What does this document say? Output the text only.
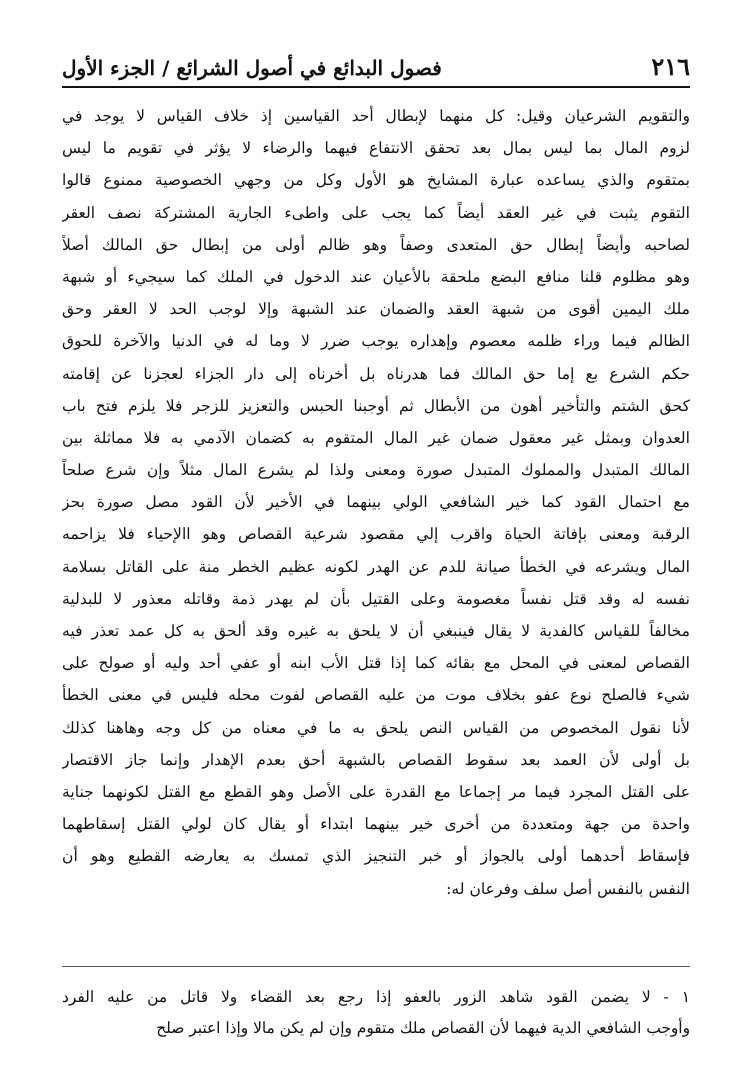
٢١٦
فصول البدائع في أصول الشرائع / الجزء الأول
والتقويم الشرعيان وقيل: كل منهما لإبطال أحد القياسين إذ خلاف القياس لا يوجد في
لزوم المال بما ليس بمال بعد تحقق الانتفاع فيهما والرضاء لا يؤثر في تقويم ما ليس
بمتقوم والذي يساعده عبارة المشايخ هو الأول وكل من وجهي الخصوصية ممنوع قالوا
التقوم يثبت في غير العقد أيضاً كما يجب على واطىء الجارية المشتركة نصف العقر
لصاحبه وأيضاً إبطال حق المتعدى وصفاً وهو ظالم أولى من إبطال حق المالك أصلاً
وهو مظلوم قلنا منافع البضع ملحقة بالأعيان عند الدخول في الملك كما سيجيء أو شبهة
ملك اليمين أقوى من شبهة العقد والضمان عند الشبهة وإلا لوجب الحد لا العقر وحق
الظالم فيما وراء ظلمه معصوم وإهداره يوجب ضرر لا وما له في الدنيا والآخرة للحوق
حكم الشرع بع إما حق المالك فما هدرناه بل أخرناه إلى دار الجزاء لعجزنا عن إقامته
كحق الشتم والتأخير أهون من الأبطال ثم أوجبنا الحبس والتعزيز للزجر فلا يلزم فتح باب
العدوان وبمثل غير معقول ضمان غير المال المتقوم به كضمان الآدمي به فلا مماثلة بين
المالك المتبدل والمملوك المتبدل صورة ومعنى ولذا لم يشرع المال مثلاً وإن شرع صلحاً
مع احتمال القود كما خير الشافعي الولي بينهما في الأخير لأن القود مصل صورة بحز
الرقبة ومعنى بإفاتة الحياة واقرب إلي مقصود شرعية القصاص وهو االإحياء فلا يزاحمه
المال ويشرعه في الخطأ صيانة للدم عن الهدر لكونه عظيم الخطر منة على القاتل بسلامة
نفسه له وقد قتل نفساً مغصومة وعلى القتيل بأن لم يهدر ذمة وقاتله معذور لا للبدلية
مخالفاً للقياس كالفدية لا يقال فينبغي أن لا يلحق به غيره وقد ألحق به كل عمد تعذر فيه
القصاص لمعنى في المحل مع بقائه كما إذا قتل الأب ابنه أو عفي أحد وليه أو صولح على
شيء فالصلح نوع عفو بخلاف موت من عليه القصاص لفوت محله فليس في معنى الخطأ
لأنا نقول المخصوص من القياس النص يلحق به ما في معناه من كل وجه وهاهنا كذلك
بل أولى لأن العمد بعد سقوط القصاص بالشبهة أحق بعدم الإهدار وإنما جاز الاقتصار
على القتل المجرد فيما مر إجماعا مع القدرة على الأصل وهو القطع مع القتل لكونهما جناية
واحدة من جهة ومتعددة من أخرى خير بينهما ابتداء أو يقال كان لولي القتل إسقاطهما
فإسقاط أحدهما أولى بالجواز أو خبر التنجيز الذي تمسك به يعارضه القطيع وهو أن
النفس بالنفس أصل سلف وفرعان له:
١ - لا يضمن القود شاهد الزور بالعفو إذا رجع بعد القضاء ولا قاتل من عليه الفرد
وأوجب الشافعي الدية فيهما لأن القصاص ملك متقوم وإن لم يكن مالا وإذا اعتبر صلح
